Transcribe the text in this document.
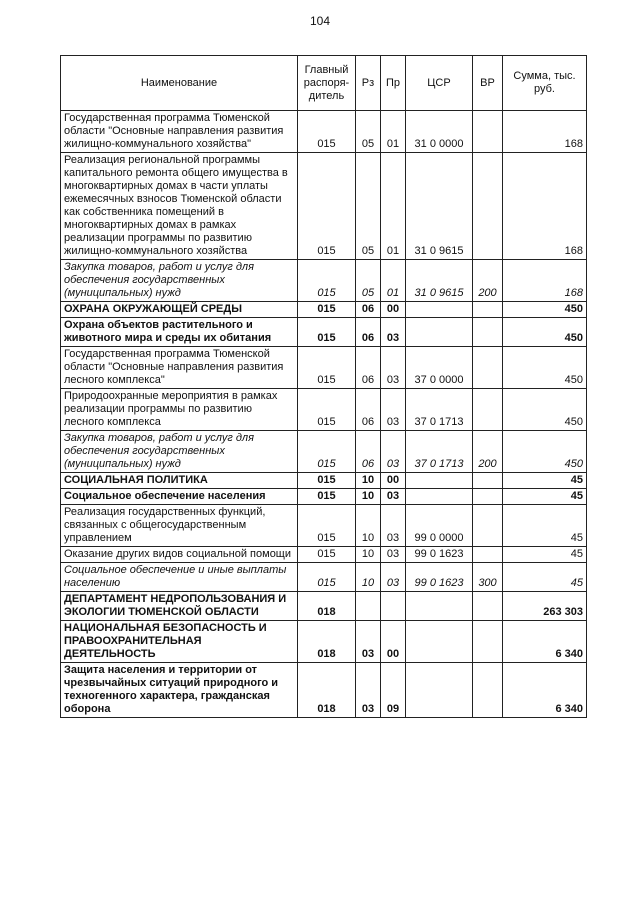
104
Наименование	Главный распоря-дитель	Рз	Пр	ЦСР	ВР	Сумма, тыс. руб.
Государственная программа Тюменской области "Основные направления развития жилищно-коммунального хозяйства"	015	05	01	31 0 0000		168
Реализация региональной программы капитального ремонта общего имущества в многоквартирных домах в части уплаты ежемесячных взносов Тюменской области как собственника помещений в многоквартирных домах в рамках реализации программы по развитию жилищно-коммунального хозяйства	015	05	01	31 0 9615		168
Закупка товаров, работ и услуг для обеспечения государственных (муниципальных) нужд	015	05	01	31 0 9615	200	168
ОХРАНА ОКРУЖАЮЩЕЙ СРЕДЫ	015	06	00			450
Охрана объектов растительного и животного мира и среды их обитания	015	06	03			450
Государственная программа Тюменской области "Основные направления развития лесного комплекса"	015	06	03	37 0 0000		450
Природоохранные мероприятия в рамках реализации программы по развитию лесного комплекса	015	06	03	37 0 1713		450
Закупка товаров, работ и услуг для обеспечения государственных (муниципальных) нужд	015	06	03	37 0 1713	200	450
СОЦИАЛЬНАЯ ПОЛИТИКА	015	10	00			45
Социальное обеспечение населения	015	10	03			45
Реализация государственных функций, связанных с общегосударственным управлением	015	10	03	99 0 0000		45
Оказание других видов социальной помощи	015	10	03	99 0 1623		45
Социальное обеспечение и иные выплаты населению	015	10	03	99 0 1623	300	45
ДЕПАРТАМЕНТ НЕДРОПОЛЬЗОВАНИЯ И ЭКОЛОГИИ ТЮМЕНСКОЙ ОБЛАСТИ	018					263 303
НАЦИОНАЛЬНАЯ БЕЗОПАСНОСТЬ И ПРАВООХРАНИТЕЛЬНАЯ ДЕЯТЕЛЬНОСТЬ	018	03	00			6 340
Защита населения и территории от чрезвычайных ситуаций природного и техногенного характера, гражданская оборона	018	03	09			6 340
